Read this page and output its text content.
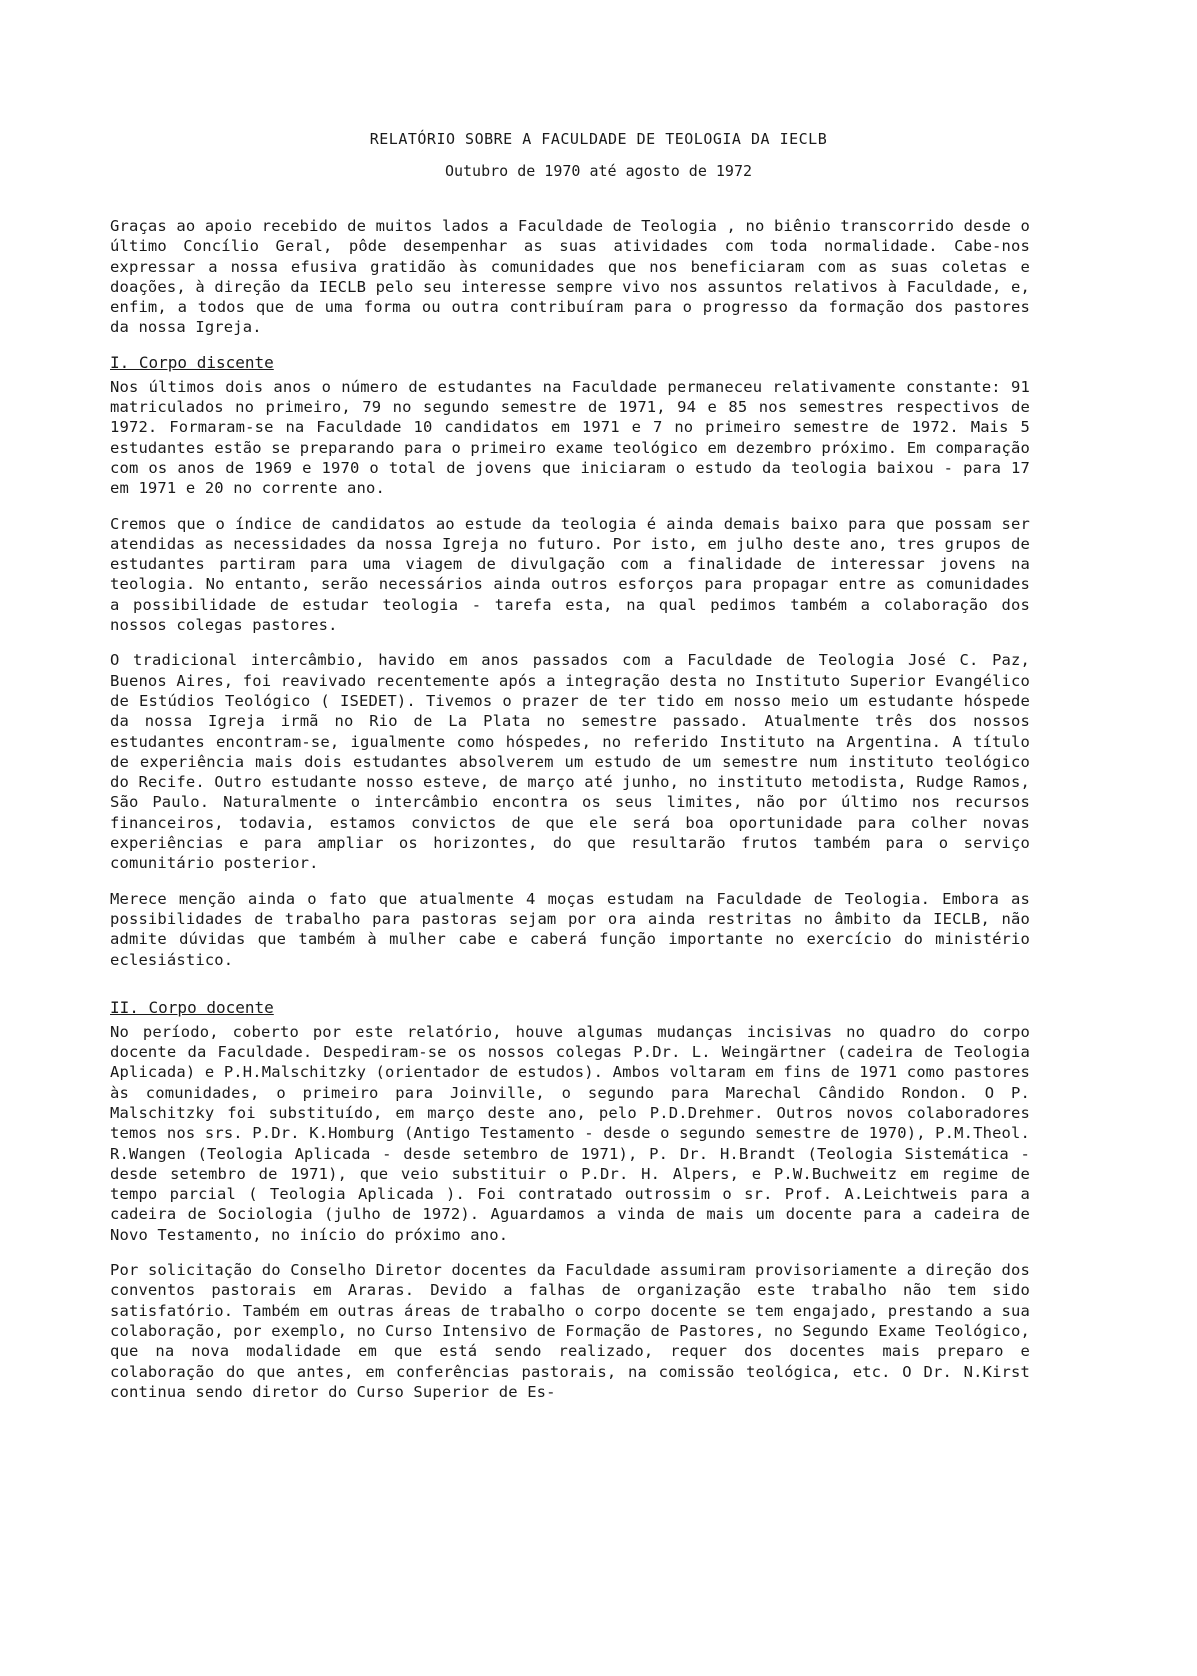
RELATÓRIO SOBRE A FACULDADE DE TEOLOGIA DA IECLB
Outubro de 1970 até agosto de 1972

Graças ao apoio recebido de muitos lados a Faculdade de Teologia , no biênio transcorrido desde o último Concílio Geral, pôde desempenhar as suas atividades com toda normalidade. Cabe-nos expressar a nossa efusiva gratidão às comunidades que nos beneficiaram com as suas coletas e doações, à direção da IECLB pelo seu interesse sempre vivo nos assuntos relativos à Faculdade, e, enfim, a todos que de uma forma ou outra contribuíram para o progresso da formação dos pastores da nossa Igreja.

I. Corpo discente

Nos últimos dois anos o número de estudantes na Faculdade permaneceu relativamente constante: 91 matriculados no primeiro, 79 no segundo semestre de 1971, 94 e 85 nos semestres respectivos de 1972. Formaram-se na Faculdade 10 candidatos em 1971 e 7 no primeiro semestre de 1972. Mais 5 estudantes estão se preparando para o primeiro exame teológico em dezembro próximo. Em comparação com os anos de 1969 e 1970 o total de jovens que iniciaram o estudo da teologia baixou - para 17 em 1971 e 20 no corrente ano.

Cremos que o índice de candidatos ao estude da teologia é ainda demais baixo para que possam ser atendidas as necessidades da nossa Igreja no futuro. Por isto, em julho deste ano, tres grupos de estudantes partiram para uma viagem de divulgação com a finalidade de interessar jovens na teologia. No entanto, serão necessários ainda outros esforços para propagar entre as comunidades a possibilidade de estudar teologia - tarefa esta, na qual pedimos também a colaboração dos nossos colegas pastores.

O tradicional intercâmbio, havido em anos passados com a Faculdade de Teologia José C. Paz, Buenos Aires, foi reavivado recentemente após a integração desta no Instituto Superior Evangélico de Estúdios Teológico ( ISEDET). Tivemos o prazer de ter tido em nosso meio um estudante hóspede da nossa Igreja irmã no Rio de La Plata no semestre passado. Atualmente três dos nossos estudantes encontram-se, igualmente como hóspedes, no referido Instituto na Argentina. A título de experiência mais dois estudantes absolverem um estudo de um semestre num instituto teológico do Recife. Outro estudante nosso esteve, de março até junho, no instituto metodista, Rudge Ramos, São Paulo. Naturalmente o intercâmbio encontra os seus limites, não por último nos recursos financeiros, todavia, estamos convictos de que ele será boa oportunidade para colher novas experiências e para ampliar os horizontes, do que resultarão frutos também para o serviço comunitário posterior.

Merece menção ainda o fato que atualmente 4 moças estudam na Faculdade de Teologia. Embora as possibilidades de trabalho para pastoras sejam por ora ainda restritas no âmbito da IECLB, não admite dúvidas que também à mulher cabe e caberá função importante no exercício do ministério eclesiástico.

II. Corpo docente

No período, coberto por este relatório, houve algumas mudanças incisivas no quadro do corpo docente da Faculdade. Despediram-se os nossos colegas P.Dr. L. Weingärtner (cadeira de Teologia Aplicada) e P.H.Malschitzky (orientador de estudos). Ambos voltaram em fins de 1971 como pastores às comunidades, o primeiro para Joinville, o segundo para Marechal Cândido Rondon. O P. Malschitzky foi substituído, em março deste ano, pelo P.D.Drehmer. Outros novos colaboradores temos nos srs. P.Dr. K.Homburg (Antigo Testamento - desde o segundo semestre de 1970), P.M.Theol. R.Wangen (Teologia Aplicada - desde setembro de 1971), P. Dr. H.Brandt (Teologia Sistemática - desde setembro de 1971), que veio substituir o P.Dr. H. Alpers, e P.W.Buchweitz em regime de tempo parcial ( Teologia Aplicada ). Foi contratado outrossim o sr. Prof. A.Leichtweis para a cadeira de Sociologia (julho de 1972). Aguardamos a vinda de mais um docente para a cadeira de Novo Testamento, no início do próximo ano.

Por solicitação do Conselho Diretor docentes da Faculdade assumiram provisoriamente a direção dos conventos pastorais em Araras. Devido a falhas de organização este trabalho não tem sido satisfatório. Também em outras áreas de trabalho o corpo docente se tem engajado, prestando a sua colaboração, por exemplo, no Curso Intensivo de Formação de Pastores, no Segundo Exame Teológico, que na nova modalidade em que está sendo realizado, requer dos docentes mais preparo e colaboração do que antes, em conferências pastorais, na comissão teológica, etc. O Dr. N.Kirst continua sendo diretor do Curso Superior de Es-
